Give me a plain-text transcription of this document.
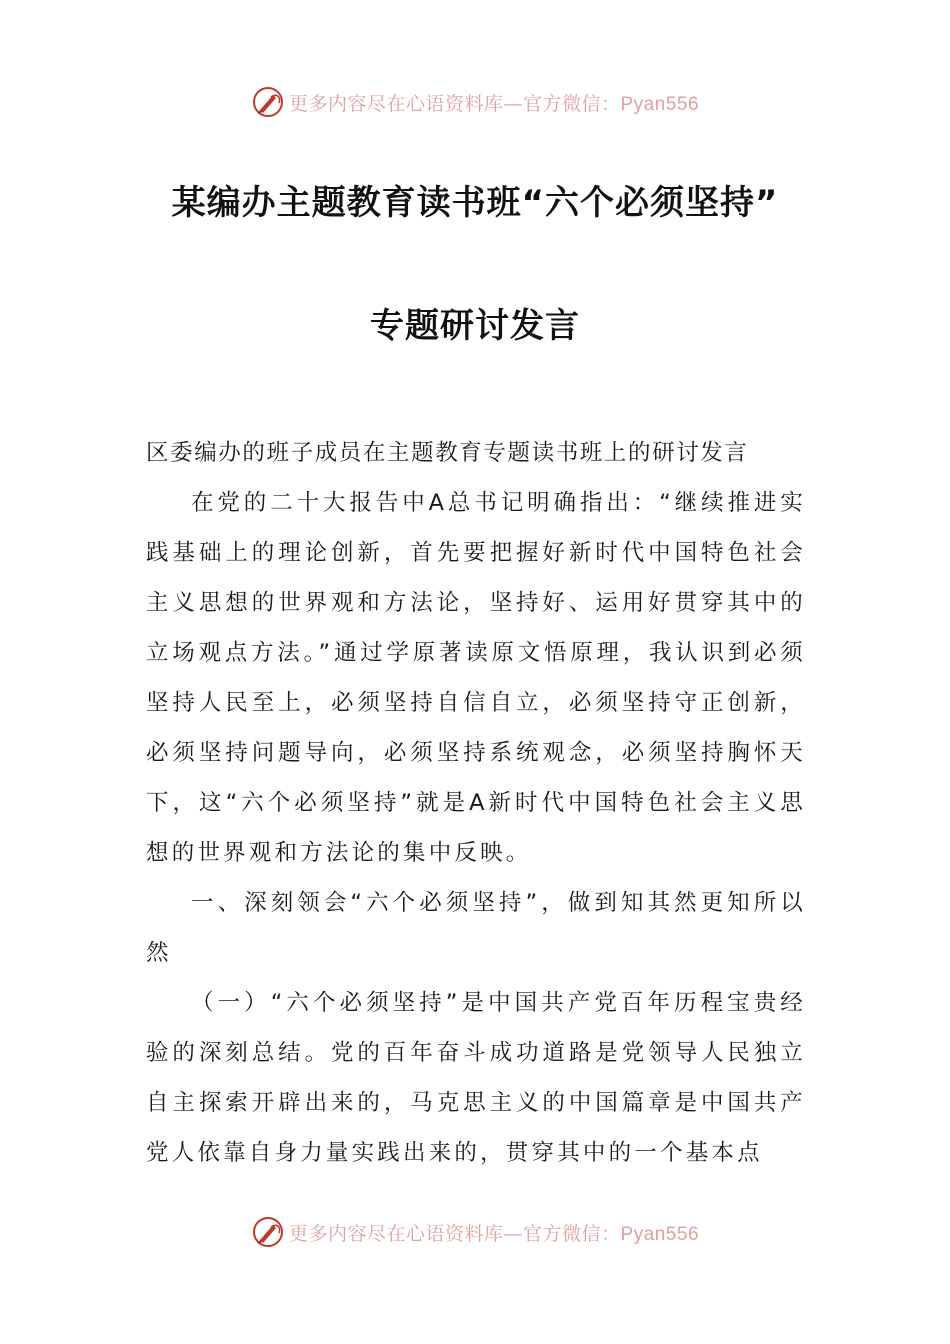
更多内容尽在心语资料库—官方微信：Pyan556
某编办主题教育读书班“六个必须坚持”
专题研讨发言

区委编办的班子成员在主题教育专题读书班上的研讨发言

在党的二十大报告中A总书记明确指出：“继续推进实践基础上的理论创新，首先要把握好新时代中国特色社会主义思想的世界观和方法论，坚持好、运用好贯穿其中的立场观点方法。”通过学原著读原文悟原理，我认识到必须坚持人民至上，必须坚持自信自立，必须坚持守正创新，必须坚持问题导向，必须坚持系统观念，必须坚持胸怀天下，这“六个必须坚持”就是A新时代中国特色社会主义思想的世界观和方法论的集中反映。

一、深刻领会“六个必须坚持”，做到知其然更知所以然

（一）“六个必须坚持”是中国共产党百年历程宝贵经验的深刻总结。党的百年奋斗成功道路是党领导人民独立自主探索开辟出来的，马克思主义的中国篇章是中国共产党人依靠自身力量实践出来的，贯穿其中的一个基本点

更多内容尽在心语资料库—官方微信：Pyan556
